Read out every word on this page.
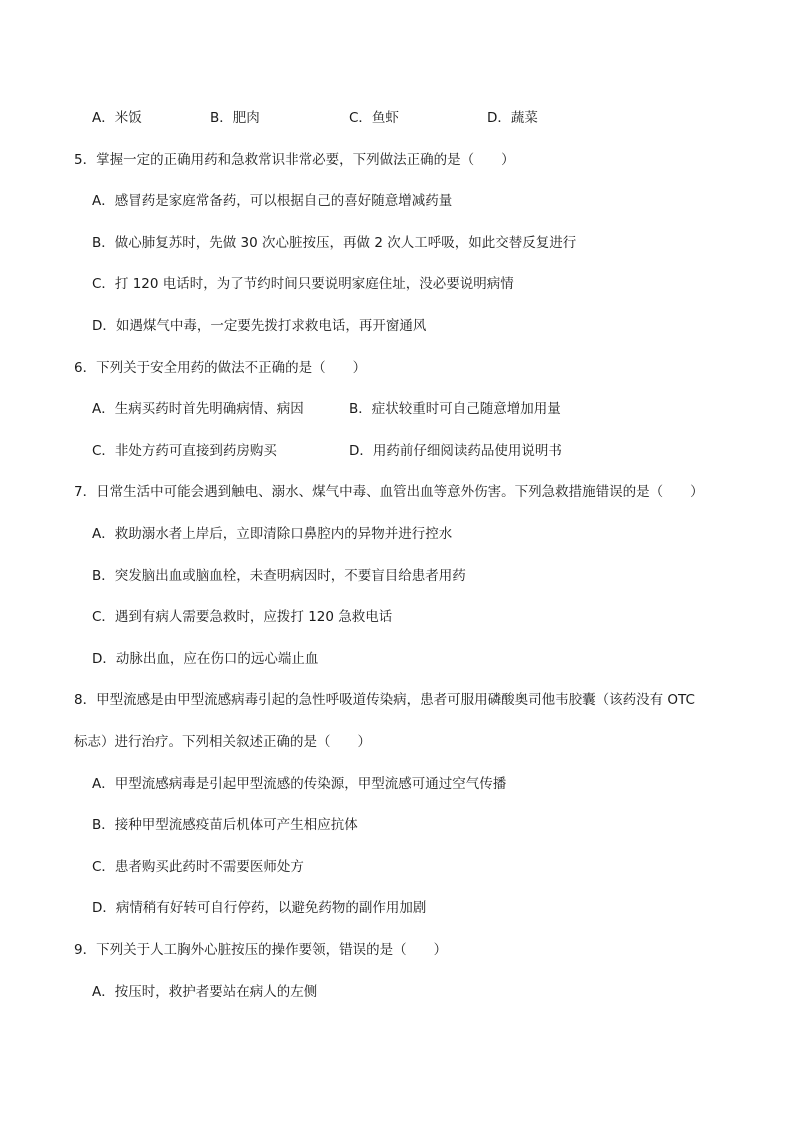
A．米饭	B．肥肉	C．鱼虾	D．蔬菜
5．掌握一定的正确用药和急救常识非常必要，下列做法正确的是（　　）
A．感冒药是家庭常备药，可以根据自己的喜好随意增减药量
B．做心肺复苏时，先做 30 次心脏按压，再做 2 次人工呼吸，如此交替反复进行
C．打 120 电话时，为了节约时间只要说明家庭住址，没必要说明病情
D．如遇煤气中毒，一定要先拨打求救电话，再开窗通风
6．下列关于安全用药的做法不正确的是（　　）
A．生病买药时首先明确病情、病因	B．症状较重时可自己随意增加用量
C．非处方药可直接到药房购买	D．用药前仔细阅读药品使用说明书
7．日常生活中可能会遇到触电、溺水、煤气中毒、血管出血等意外伤害。下列急救措施错误的是（　　）
A．救助溺水者上岸后，立即清除口鼻腔内的异物并进行控水
B．突发脑出血或脑血栓，未查明病因时，不要盲目给患者用药
C．遇到有病人需要急救时，应拨打 120 急救电话
D．动脉出血，应在伤口的远心端止血
8．甲型流感是由甲型流感病毒引起的急性呼吸道传染病，患者可服用磷酸奥司他韦胶囊（该药没有 OTC
标志）进行治疗。下列相关叙述正确的是（　　）
A．甲型流感病毒是引起甲型流感的传染源，甲型流感可通过空气传播
B．接种甲型流感疫苗后机体可产生相应抗体
C．患者购买此药时不需要医师处方
D．病情稍有好转可自行停药，以避免药物的副作用加剧
9．下列关于人工胸外心脏按压的操作要领，错误的是（　　）
A．按压时，救护者要站在病人的左侧
